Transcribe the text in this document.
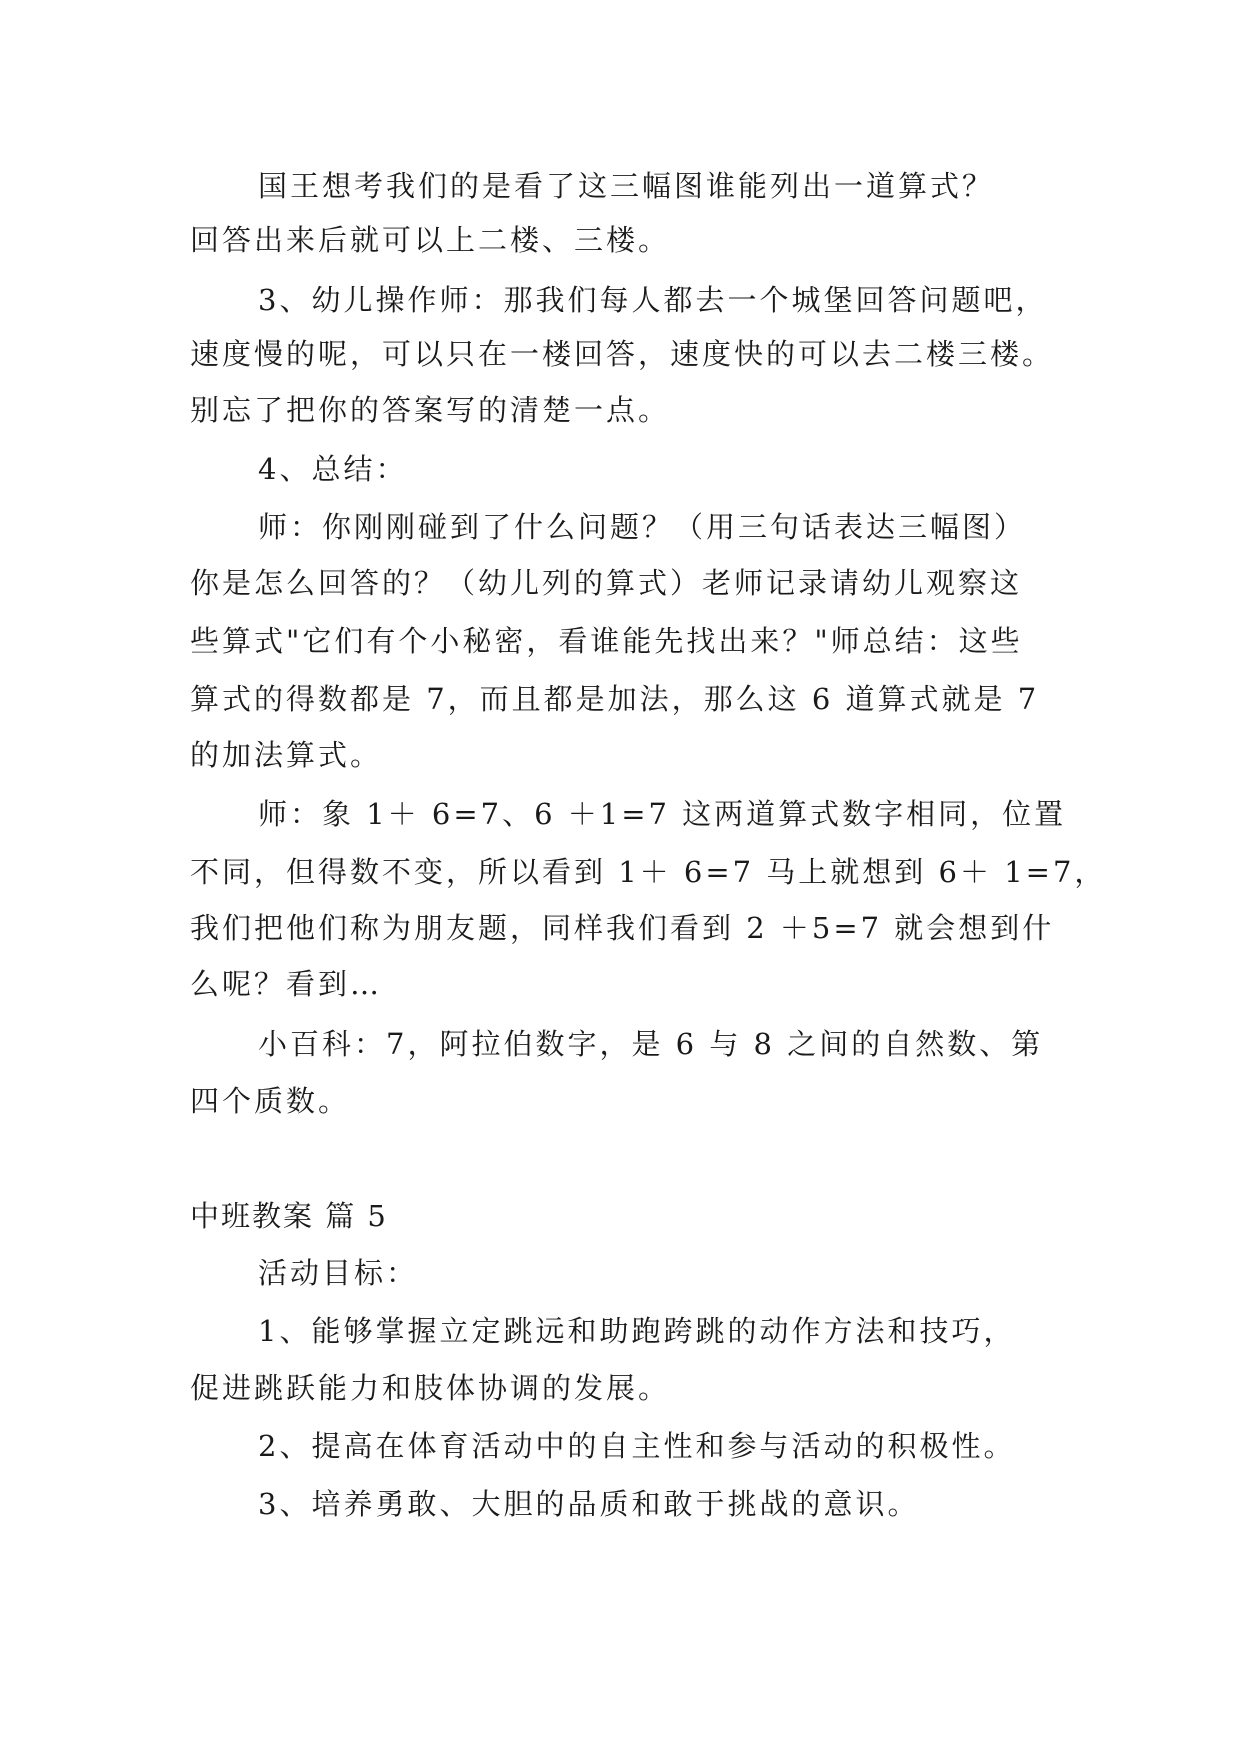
国王想考我们的是看了这三幅图谁能列出一道算式？
回答出来后就可以上二楼、三楼。
3、幼儿操作师：那我们每人都去一个城堡回答问题吧，
速度慢的呢，可以只在一楼回答，速度快的可以去二楼三楼。
别忘了把你的答案写的清楚一点。
4、总结：
师：你刚刚碰到了什么问题？（用三句话表达三幅图）
你是怎么回答的？（幼儿列的算式）老师记录请幼儿观察这
些算式"它们有个小秘密，看谁能先找出来？"师总结：这些
算式的得数都是 7，而且都是加法，那么这 6 道算式就是 7
的加法算式。
师：象 1＋ 6=7、6 ＋1=7 这两道算式数字相同，位置
不同，但得数不变，所以看到 1＋ 6=7 马上就想到 6＋ 1=7，
我们把他们称为朋友题，同样我们看到 2 ＋5=7 就会想到什
么呢？看到…
小百科：7，阿拉伯数字，是 6 与 8 之间的自然数、第
四个质数。
中班教案 篇 5
活动目标：
1、能够掌握立定跳远和助跑跨跳的动作方法和技巧，
促进跳跃能力和肢体协调的发展。
2、提高在体育活动中的自主性和参与活动的积极性。
3、培养勇敢、大胆的品质和敢于挑战的意识。
